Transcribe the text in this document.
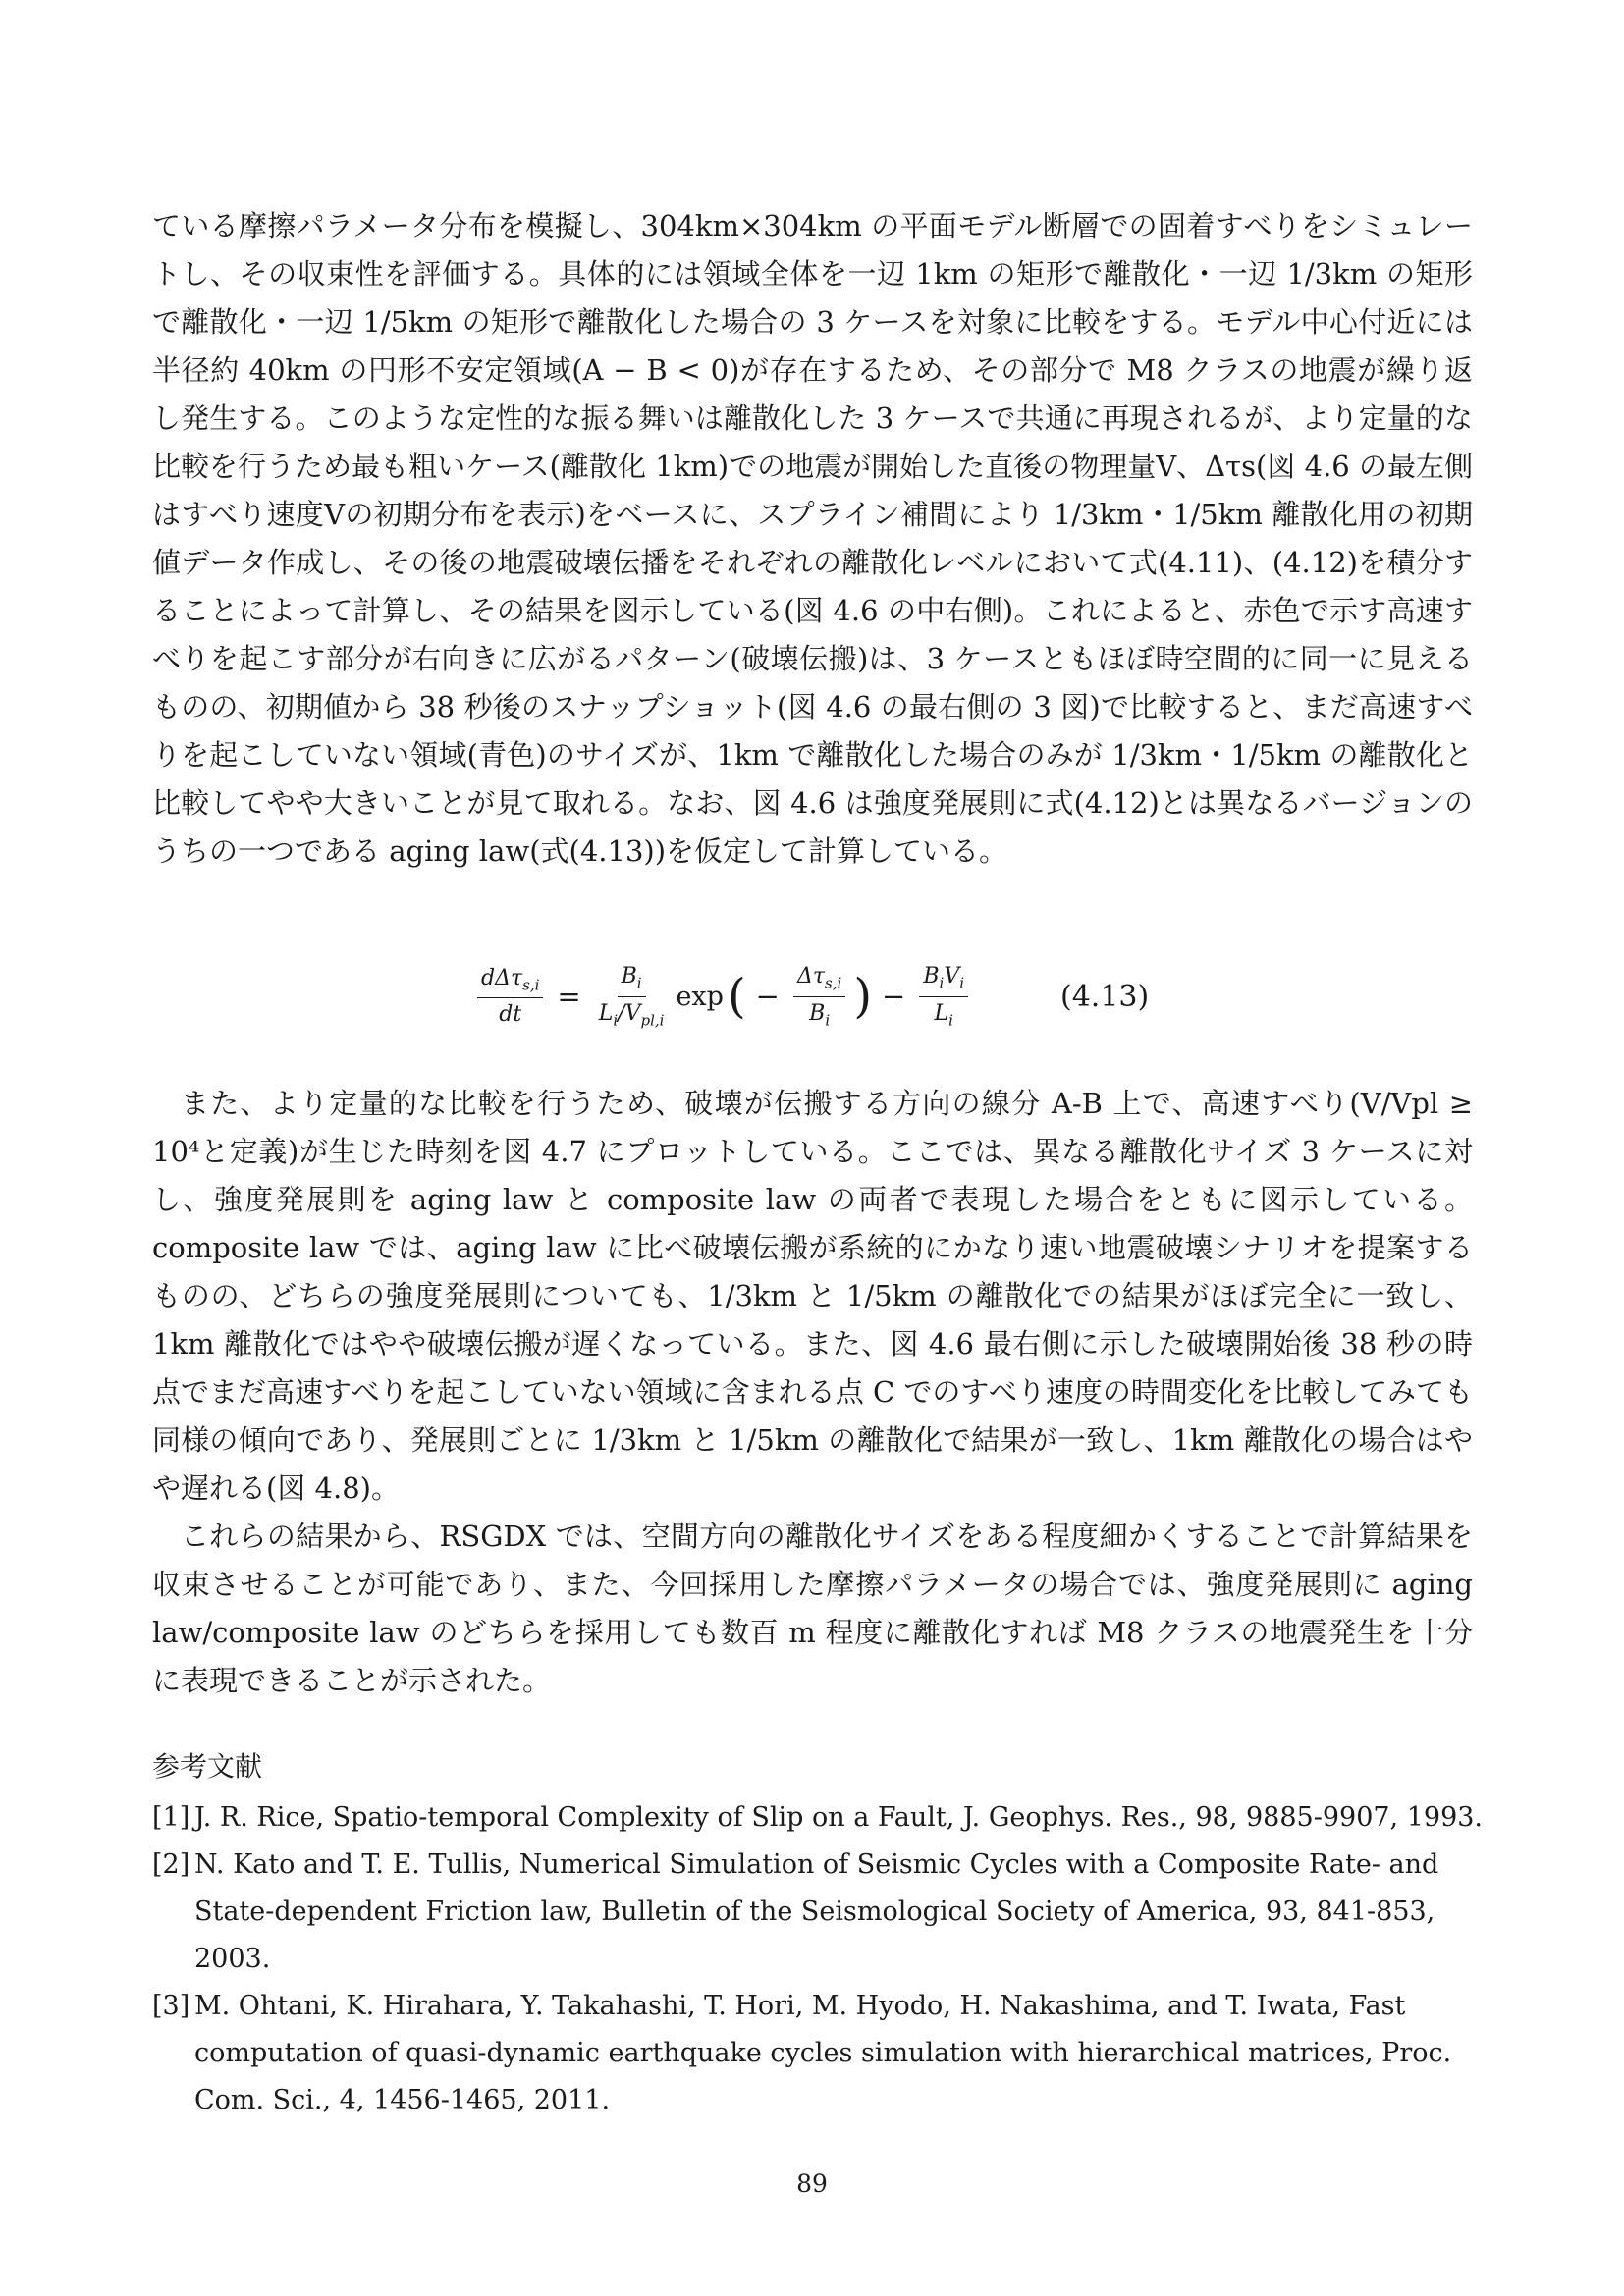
ている摩擦パラメータ分布を模擬し、304km×304km の平面モデル断層での固着すべりをシミュレートし、その収束性を評価する。具体的には領域全体を一辺 1km の矩形で離散化・一辺 1/3km の矩形で離散化・一辺 1/5km の矩形で離散化した場合の 3 ケースを対象に比較をする。モデル中心付近には半径約 40km の円形不安定領域(A − B < 0)が存在するため、その部分で M8 クラスの地震が繰り返し発生する。このような定性的な振る舞いは離散化した 3 ケースで共通に再現されるが、より定量的な比較を行うため最も粗いケース(離散化 1km)での地震が開始した直後の物理量V、Δτs(図 4.6 の最左側はすべり速度Vの初期分布を表示)をベースに、スプライン補間により 1/3km・1/5km 離散化用の初期値データ作成し、その後の地震破壊伝播をそれぞれの離散化レベルにおいて式(4.11)、(4.12)を積分することによって計算し、その結果を図示している(図 4.6 の中右側)。これによると、赤色で示す高速すべりを起こす部分が右向きに広がるパターン(破壊伝搬)は、3 ケースともほぼ時空間的に同一に見えるものの、初期値から 38 秒後のスナップショット(図 4.6 の最右側の 3 図)で比較すると、まだ高速すべりを起こしていない領域(青色)のサイズが、1km で離散化した場合のみが 1/3km・1/5km の離散化と比較してやや大きいことが見て取れる。なお、図 4.6 は強度発展則に式(4.12)とは異なるバージョンのうちの一つである aging law(式(4.13))を仮定して計算している。

$\frac{d\Delta\tau_{s,i}}{dt} = \frac{B_i}{L_i/V_{pl,i}}$ exp ( − $\frac{\Delta\tau_{s,i}}{B_i}$ ) − $\frac{B_iV_i}{L_i}$	(4.13)

また、より定量的な比較を行うため、破壊が伝搬する方向の線分 A-B 上で、高速すべり(V/Vpl ≥ 10⁴と定義)が生じた時刻を図 4.7 にプロットしている。ここでは、異なる離散化サイズ 3 ケースに対し、強度発展則を aging law と composite law の両者で表現した場合をともに図示している。composite law では、aging law に比べ破壊伝搬が系統的にかなり速い地震破壊シナリオを提案するものの、どちらの強度発展則についても、1/3km と 1/5km の離散化での結果がほぼ完全に一致し、1km 離散化ではやや破壊伝搬が遅くなっている。また、図 4.6 最右側に示した破壊開始後 38 秒の時点でまだ高速すべりを起こしていない領域に含まれる点 C でのすべり速度の時間変化を比較してみても同様の傾向であり、発展則ごとに 1/3km と 1/5km の離散化で結果が一致し、1km 離散化の場合はやや遅れる(図 4.8)。

これらの結果から、RSGDX では、空間方向の離散化サイズをある程度細かくすることで計算結果を収束させることが可能であり、また、今回採用した摩擦パラメータの場合では、強度発展則に aging law/composite law のどちらを採用しても数百 m 程度に離散化すれば M8 クラスの地震発生を十分に表現できることが示された。

参考文献

[1] J. R. Rice, Spatio-temporal Complexity of Slip on a Fault, J. Geophys. Res., 98, 9885-9907, 1993.
[2] N. Kato and T. E. Tullis, Numerical Simulation of Seismic Cycles with a Composite Rate- and State-dependent Friction law, Bulletin of the Seismological Society of America, 93, 841-853, 2003.
[3] M. Ohtani, K. Hirahara, Y. Takahashi, T. Hori, M. Hyodo, H. Nakashima, and T. Iwata, Fast computation of quasi-dynamic earthquake cycles simulation with hierarchical matrices, Proc. Com. Sci., 4, 1456-1465, 2011.
89
